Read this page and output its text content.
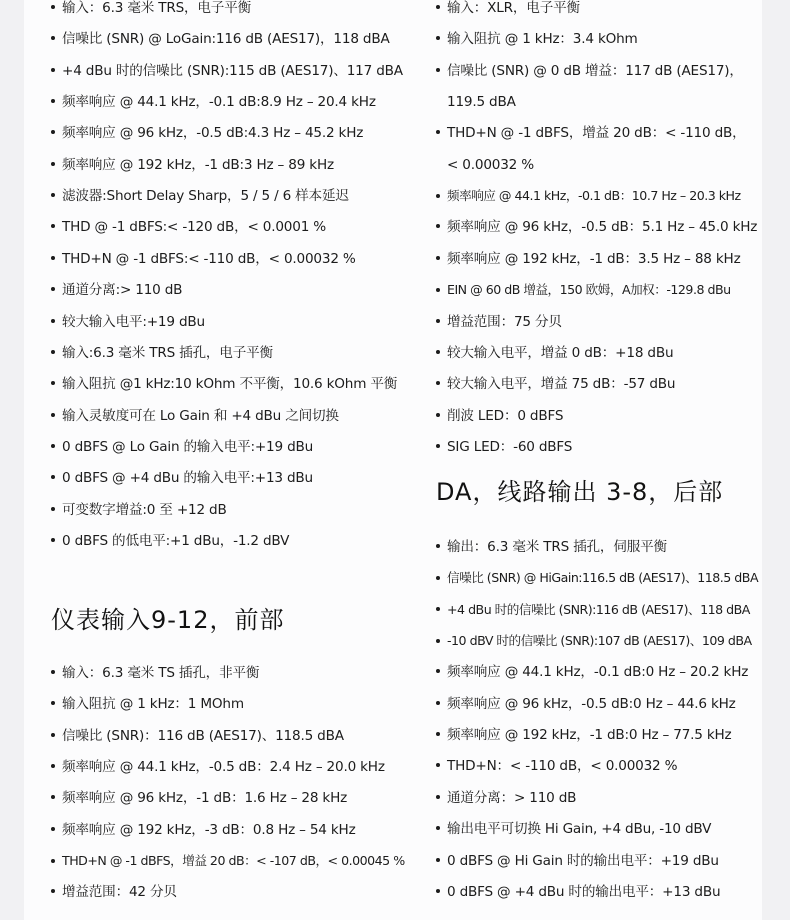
输入：6.3 毫米 TRS，电子平衡
信噪比 (SNR) @ LoGain:116 dB (AES17)，118 dBA
+4 dBu 时的信噪比 (SNR):115 dB (AES17)、117 dBA
频率响应 @ 44.1 kHz，-0.1 dB:8.9 Hz – 20.4 kHz
频率响应 @ 96 kHz，-0.5 dB:4.3 Hz – 45.2 kHz
频率响应 @ 192 kHz，-1 dB:3 Hz – 89 kHz
滤波器:Short Delay Sharp，5 / 5 / 6 样本延迟
THD @ -1 dBFS:< -120 dB，< 0.0001 %
THD+N @ -1 dBFS:< -110 dB，< 0.00032 %
通道分离:> 110 dB
较大输入电平:+19 dBu
输入:6.3 毫米 TRS 插孔，电子平衡
输入阻抗 @1 kHz:10 kOhm 不平衡，10.6 kOhm 平衡
输入灵敏度可在 Lo Gain 和 +4 dBu 之间切换
0 dBFS @ Lo Gain 的输入电平:+19 dBu
0 dBFS @ +4 dBu 的输入电平:+13 dBu
可变数字增益:0 至 +12 dB
0 dBFS 的低电平:+1 dBu，-1.2 dBV
仪表输入9-12，前部
输入：6.3 毫米 TS 插孔，非平衡
输入阻抗 @ 1 kHz：1 MOhm
信噪比 (SNR)：116 dB (AES17)、118.5 dBA
频率响应 @ 44.1 kHz，-0.5 dB：2.4 Hz – 20.0 kHz
频率响应 @ 96 kHz，-1 dB：1.6 Hz – 28 kHz
频率响应 @ 192 kHz，-3 dB：0.8 Hz – 54 kHz
THD+N @ -1 dBFS，增益 20 dB：< -107 dB，< 0.00045 %
增益范围：42 分贝
输入：XLR，电子平衡
输入阻抗 @ 1 kHz：3.4 kOhm
信噪比 (SNR) @ 0 dB 增益：117 dB (AES17)，
119.5 dBA
THD+N @ -1 dBFS，增益 20 dB：< -110 dB，
< 0.00032 %
频率响应 @ 44.1 kHz，-0.1 dB：10.7 Hz – 20.3 kHz
频率响应 @ 96 kHz，-0.5 dB：5.1 Hz – 45.0 kHz
频率响应 @ 192 kHz，-1 dB：3.5 Hz – 88 kHz
EIN @ 60 dB 增益，150 欧姆，A加权：-129.8 dBu
增益范围：75 分贝
较大输入电平，增益 0 dB：+18 dBu
较大输入电平，增益 75 dB：-57 dBu
削波 LED：0 dBFS
SIG LED：-60 dBFS
DA，线路输出 3-8，后部
输出：6.3 毫米 TRS 插孔，伺服平衡
信噪比 (SNR) @ HiGain:116.5 dB (AES17)、118.5 dBA
+4 dBu 时的信噪比 (SNR):116 dB (AES17)、118 dBA
-10 dBV 时的信噪比 (SNR):107 dB (AES17)、109 dBA
频率响应 @ 44.1 kHz，-0.1 dB:0 Hz – 20.2 kHz
频率响应 @ 96 kHz，-0.5 dB:0 Hz – 44.6 kHz
频率响应 @ 192 kHz，-1 dB:0 Hz – 77.5 kHz
THD+N：< -110 dB，< 0.00032 %
通道分离：> 110 dB
输出电平可切换 Hi Gain, +4 dBu, -10 dBV
0 dBFS @ Hi Gain 时的输出电平：+19 dBu
0 dBFS @ +4 dBu 时的输出电平：+13 dBu
